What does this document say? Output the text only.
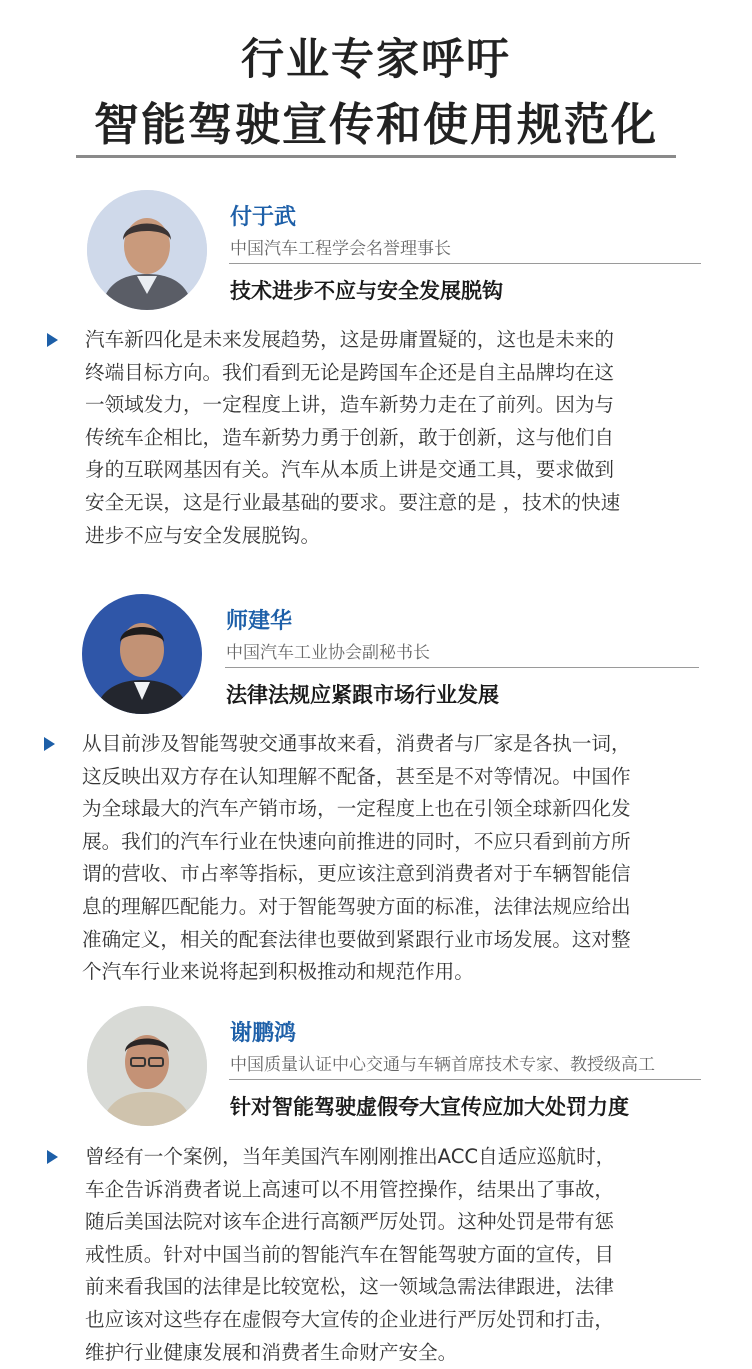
行业专家呼吁
智能驾驶宣传和使用规范化
付于武
中国汽车工程学会名誉理事长
技术进步不应与安全发展脱钩
汽车新四化是未来发展趋势，这是毋庸置疑的，这也是未来的
终端目标方向。我们看到无论是跨国车企还是自主品牌均在这
一领域发力，一定程度上讲，造车新势力走在了前列。因为与
传统车企相比，造车新势力勇于创新，敢于创新，这与他们自
身的互联网基因有关。汽车从本质上讲是交通工具，要求做到
安全无误，这是行业最基础的要求。要注意的是 ，技术的快速
进步不应与安全发展脱钩。
师建华
中国汽车工业协会副秘书长
法律法规应紧跟市场行业发展
从目前涉及智能驾驶交通事故来看，消费者与厂家是各执一词，
这反映出双方存在认知理解不配备，甚至是不对等情况。中国作
为全球最大的汽车产销市场，一定程度上也在引领全球新四化发
展。我们的汽车行业在快速向前推进的同时，不应只看到前方所
谓的营收、市占率等指标，更应该注意到消费者对于车辆智能信
息的理解匹配能力。对于智能驾驶方面的标准，法律法规应给出
准确定义，相关的配套法律也要做到紧跟行业市场发展。这对整
个汽车行业来说将起到积极推动和规范作用。
谢鹏鸿
中国质量认证中心交通与车辆首席技术专家、教授级高工
针对智能驾驶虚假夸大宣传应加大处罚力度
曾经有一个案例，当年美国汽车刚刚推出ACC自适应巡航时，
车企告诉消费者说上高速可以不用管控操作，结果出了事故，
随后美国法院对该车企进行高额严厉处罚。这种处罚是带有惩
戒性质。针对中国当前的智能汽车在智能驾驶方面的宣传，目
前来看我国的法律是比较宽松，这一领域急需法律跟进，法律
也应该对这些存在虚假夸大宣传的企业进行严厉处罚和打击，
维护行业健康发展和消费者生命财产安全。
